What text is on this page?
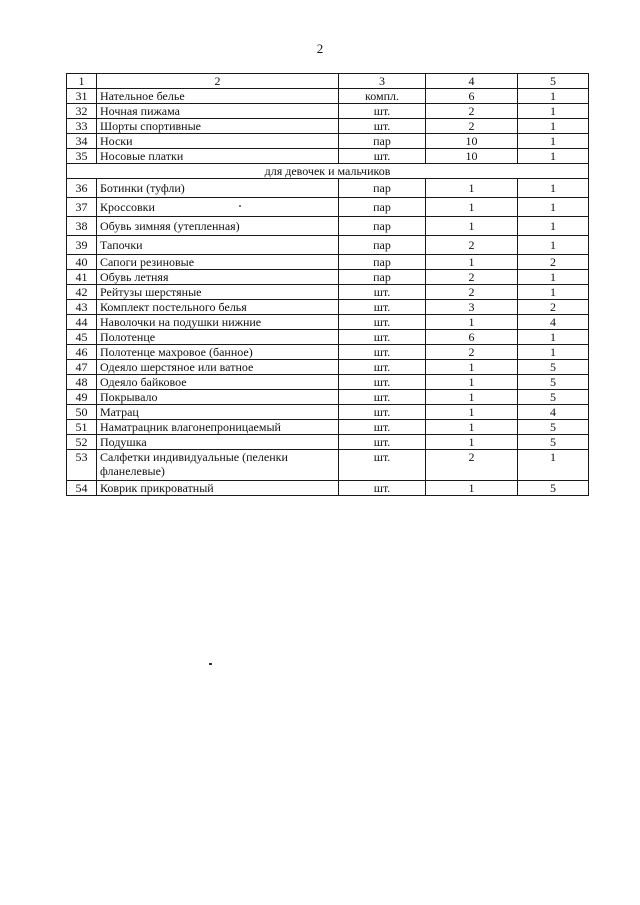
2
1	2	3	4	5
31	Нательное белье	компл.	6	1
32	Ночная пижама	шт.	2	1
33	Шорты спортивные	шт.	2	1
34	Носки	пар	10	1
35	Носовые платки	шт.	10	1
для девочек и мальчиков				
36	Ботинки (туфли)	пар	1	1
37	Кроссовки	пар	1	1
38	Обувь зимняя (утепленная)	пар	1	1
39	Тапочки	пар	2	1
40	Сапоги резиновые	пар	1	2
41	Обувь летняя	пар	2	1
42	Рейтузы шерстяные	шт.	2	1
43	Комплект постельного белья	шт.	3	2
44	Наволочки на подушки нижние	шт.	1	4
45	Полотенце	шт.	6	1
46	Полотенце махровое (банное)	шт.	2	1
47	Одеяло шерстяное или ватное	шт.	1	5
48	Одеяло байковое	шт.	1	5
49	Покрывало	шт.	1	5
50	Матрац	шт.	1	4
51	Наматрацник влагонепроницаемый	шт.	1	5
52	Подушка	шт.	1	5
53	Салфетки индивидуальные (пеленки фланелевые)	шт.	2	1
54	Коврик прикроватный	шт.	1	5
